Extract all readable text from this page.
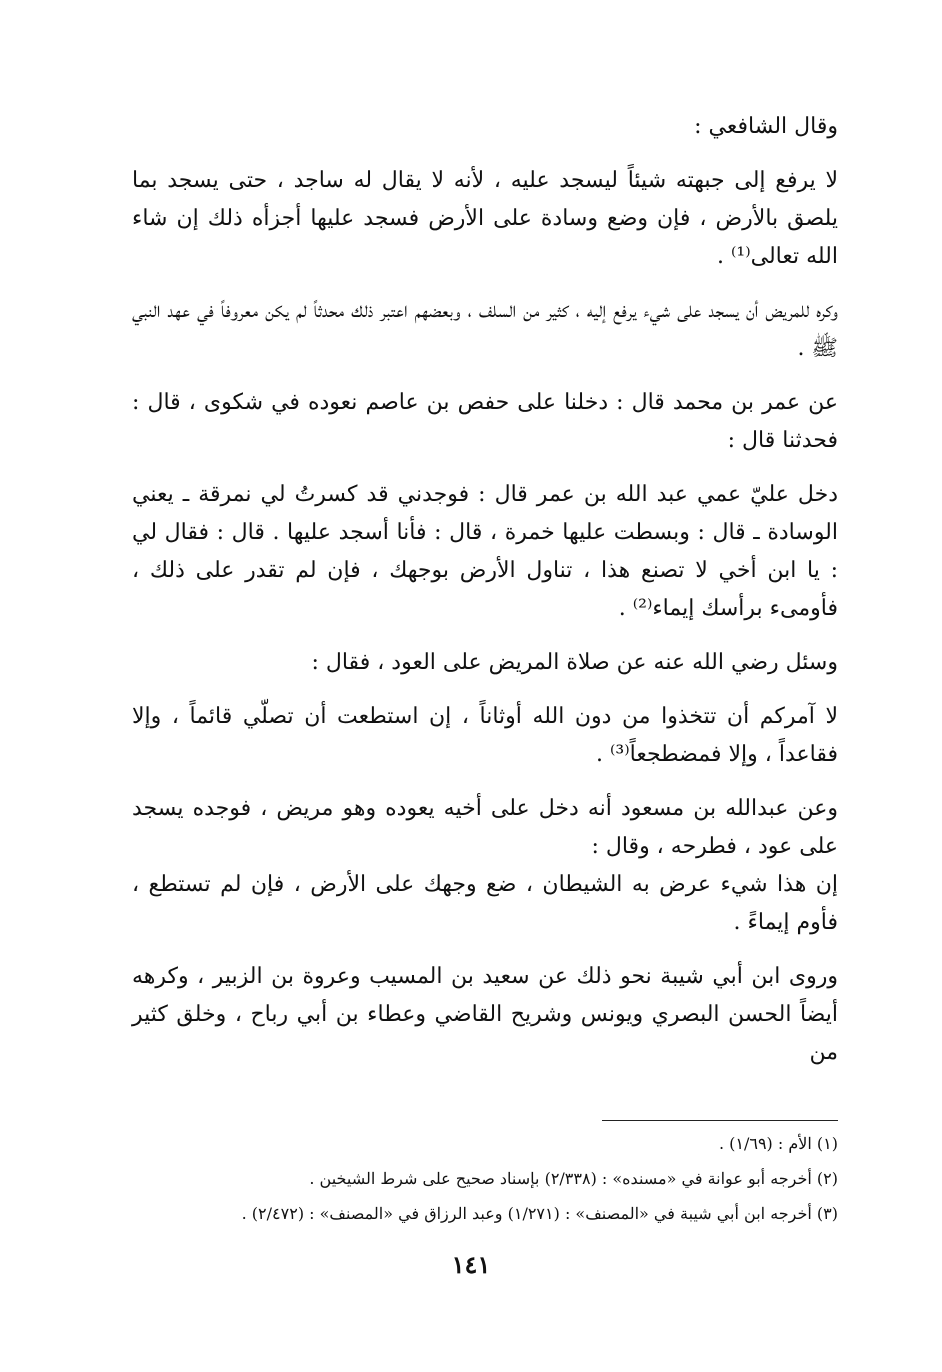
وقال الشافعي :

لا يرفع إلى جبهته شيئاً ليسجد عليه ، لأنه لا يقال له ساجد ، حتى يسجد بما يلصق بالأرض ، فإن وضع وسادة على الأرض فسجد عليها أجزأه ذلك إن شاء الله تعالى⁽¹⁾ .

وكره للمريض أن يسجد على شيء يرفع إليه ، كثير من السلف ، وبعضهم اعتبر ذلك محدثاً لم يكن معروفاً في عهد النبي ﷺ .

عن عمر بن محمد قال : دخلنا على حفص بن عاصم نعوده في شكوى ، قال : فحدثنا قال :

دخل عليّ عمي عبد الله بن عمر قال : فوجدني قد كسرتُ لي نمرقة ـ يعني الوسادة ـ قال : وبسطت عليها خمرة ، قال : فأنا أسجد عليها . قال : فقال لي : يا ابن أخي لا تصنع هذا ، تناول الأرض بوجهك ، فإن لم تقدر على ذلك ، فأومىء برأسك إيماء⁽²⁾ .

وسئل رضي الله عنه عن صلاة المريض على العود ، فقال :

لا آمركم أن تتخذوا من دون الله أوثاناً ، إن استطعت أن تصلّي قائماً ، وإلا فقاعداً ، وإلا فمضطجعاً⁽³⁾ .

وعن عبدالله بن مسعود أنه دخل على أخيه يعوده وهو مريض ، فوجده يسجد على عود ، فطرحه ، وقال :

إن هذا شيء عرض به الشيطان ، ضع وجهك على الأرض ، فإن لم تستطع ، فأوم إيماءً .

وروى ابن أبي شيبة نحو ذلك عن سعيد بن المسيب وعروة بن الزبير ، وكرهه أيضاً الحسن البصري ويونس وشريح القاضي وعطاء بن أبي رباح ، وخلق كثير من

(١) الأم : (١/٦٩) .

(٢) أخرجه أبو عوانة في «مسنده» : (٢/٣٣٨) بإسناد صحيح على شرط الشيخين .

(٣) أخرجه ابن أبي شيبة في «المصنف» : (١/٢٧١) وعبد الرزاق في «المصنف» : (٢/٤٧٢) .

١٤١
